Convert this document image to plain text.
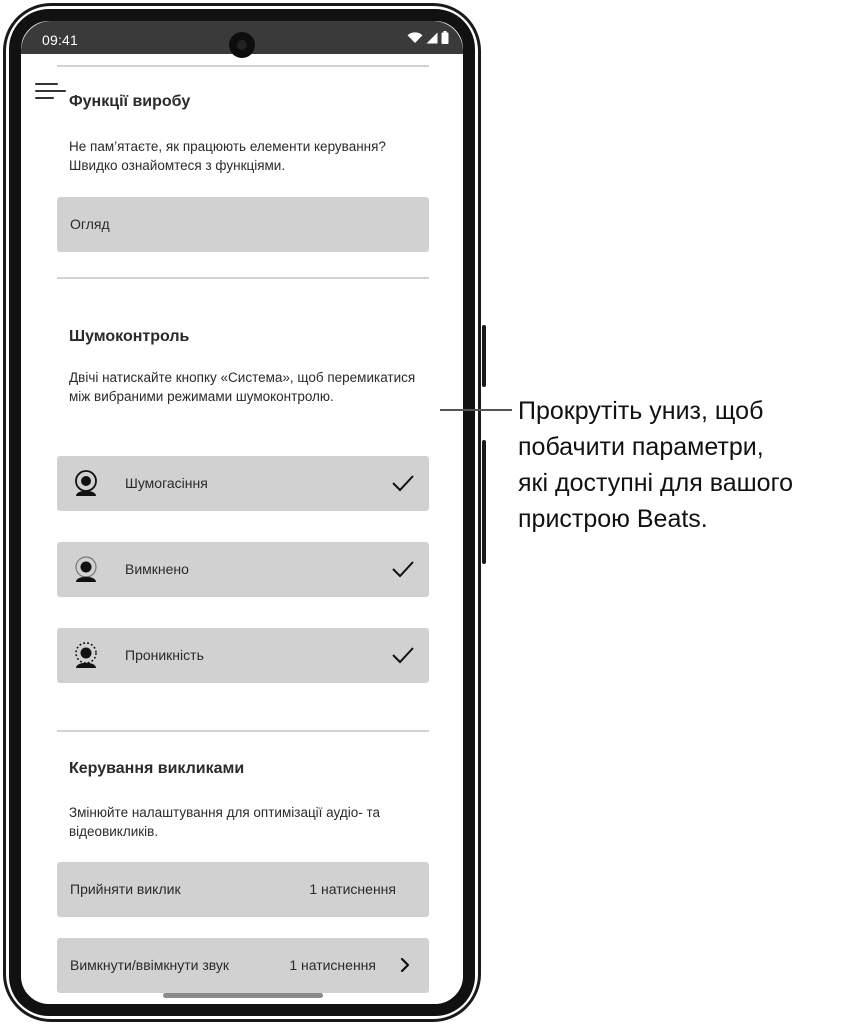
09:41
Функції виробу
Не пам’ятаєте, як працюють елементи керування? Швидко ознайомтеся з функціями.
Огляд
Шумоконтроль
Двічі натискайте кнопку «Система», щоб перемикатися між вибраними режимами шумоконтролю.
Шумогасіння
Вимкнено
Проникність
Керування викликами
Змінюйте налаштування для оптимізації аудіо- та відеовикликів.
Прийняти виклик	1 натиснення
Вимкнути/ввімкнути звук	1 натиснення
Прокрутіть униз, щоб
побачити параметри,
які доступні для вашого
пристрою Beats.
